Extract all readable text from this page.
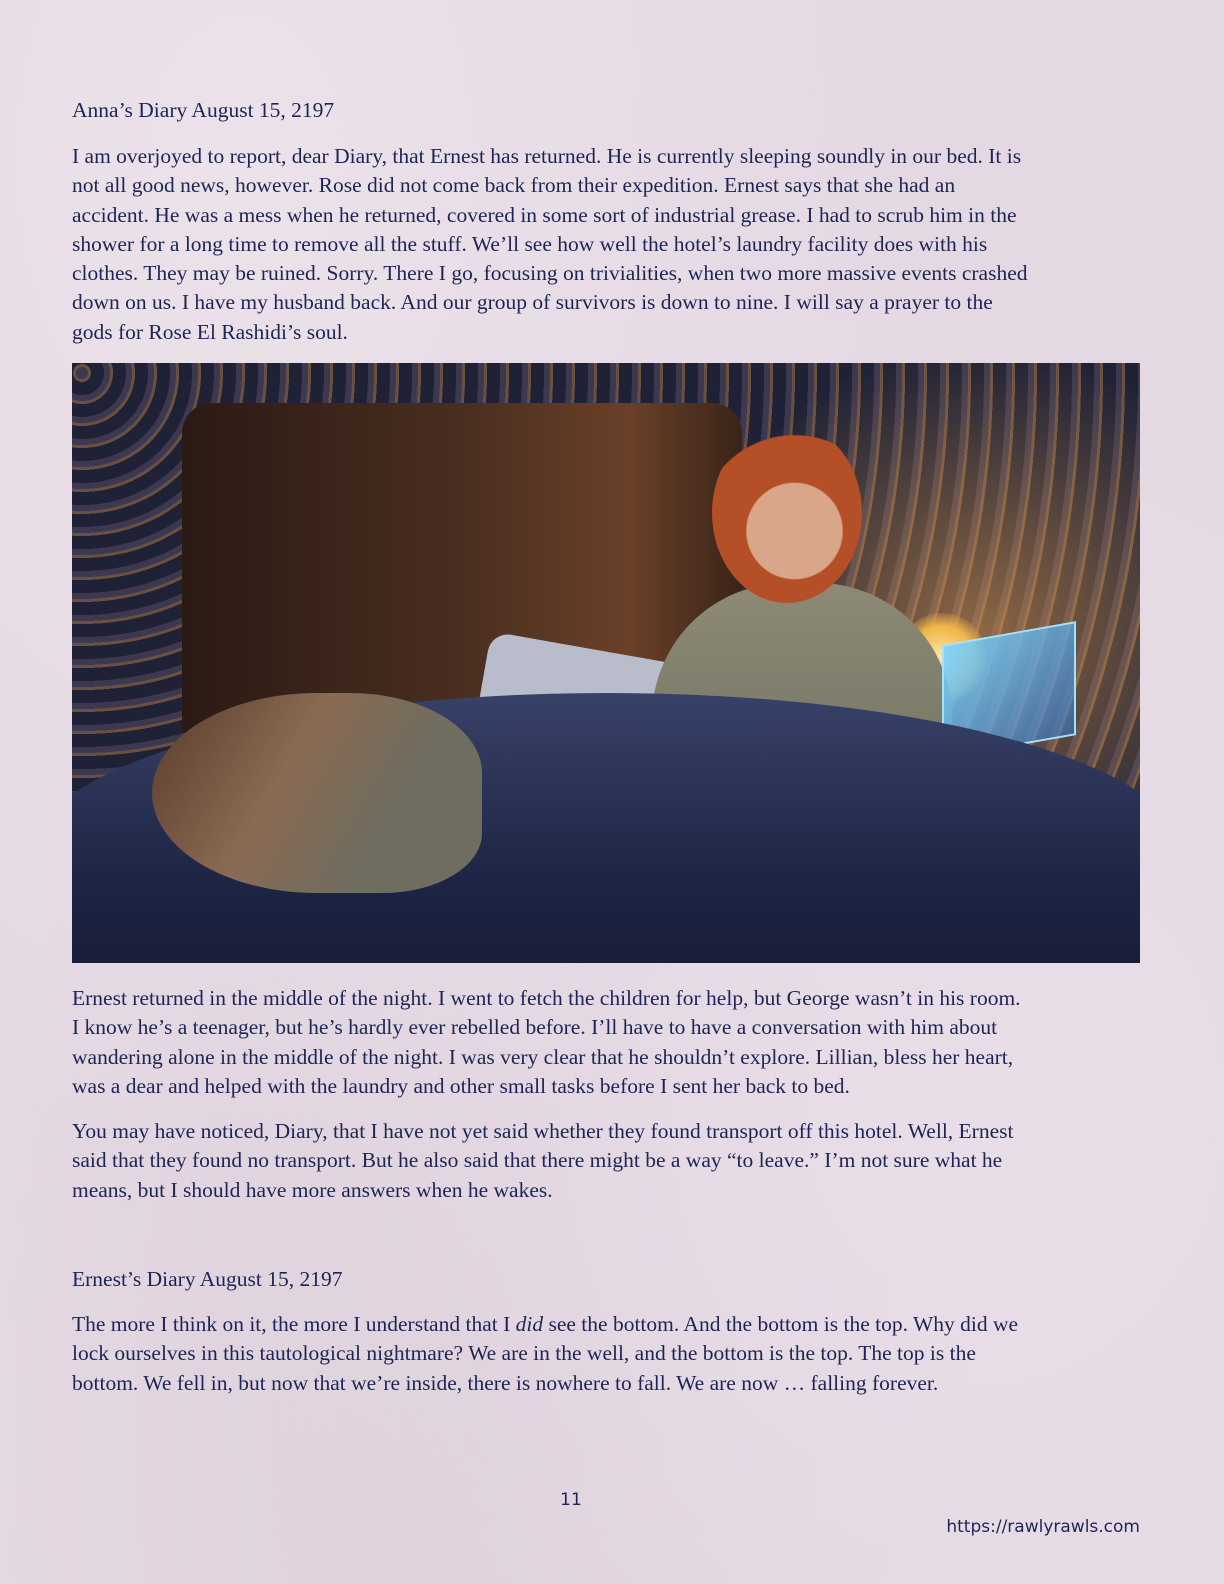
Anna’s Diary August 15, 2197
I am overjoyed to report, dear Diary, that Ernest has returned. He is currently sleeping soundly in our bed. It is
not all good news, however. Rose did not come back from their expedition. Ernest says that she had an
accident. He was a mess when he returned, covered in some sort of industrial grease. I had to scrub him in the
shower for a long time to remove all the stuff. We’ll see how well the hotel’s laundry facility does with his
clothes. They may be ruined. Sorry. There I go, focusing on trivialities, when two more massive events crashed
down on us. I have my husband back. And our group of survivors is down to nine. I will say a prayer to the
gods for Rose El Rashidi’s soul.
Ernest returned in the middle of the night. I went to fetch the children for help, but George wasn’t in his room.
I know he’s a teenager, but he’s hardly ever rebelled before. I’ll have to have a conversation with him about
wandering alone in the middle of the night. I was very clear that he shouldn’t explore. Lillian, bless her heart,
was a dear and helped with the laundry and other small tasks before I sent her back to bed.
You may have noticed, Diary, that I have not yet said whether they found transport off this hotel. Well, Ernest
said that they found no transport. But he also said that there might be a way “to leave.” I’m not sure what he
means, but I should have more answers when he wakes.
Ernest’s Diary August 15, 2197
The more I think on it, the more I understand that I did see the bottom. And the bottom is the top. Why did we
lock ourselves in this tautological nightmare? We are in the well, and the bottom is the top. The top is the
bottom. We fell in, but now that we’re inside, there is nowhere to fall. We are now … falling forever.
11
https://rawlyrawls.com
